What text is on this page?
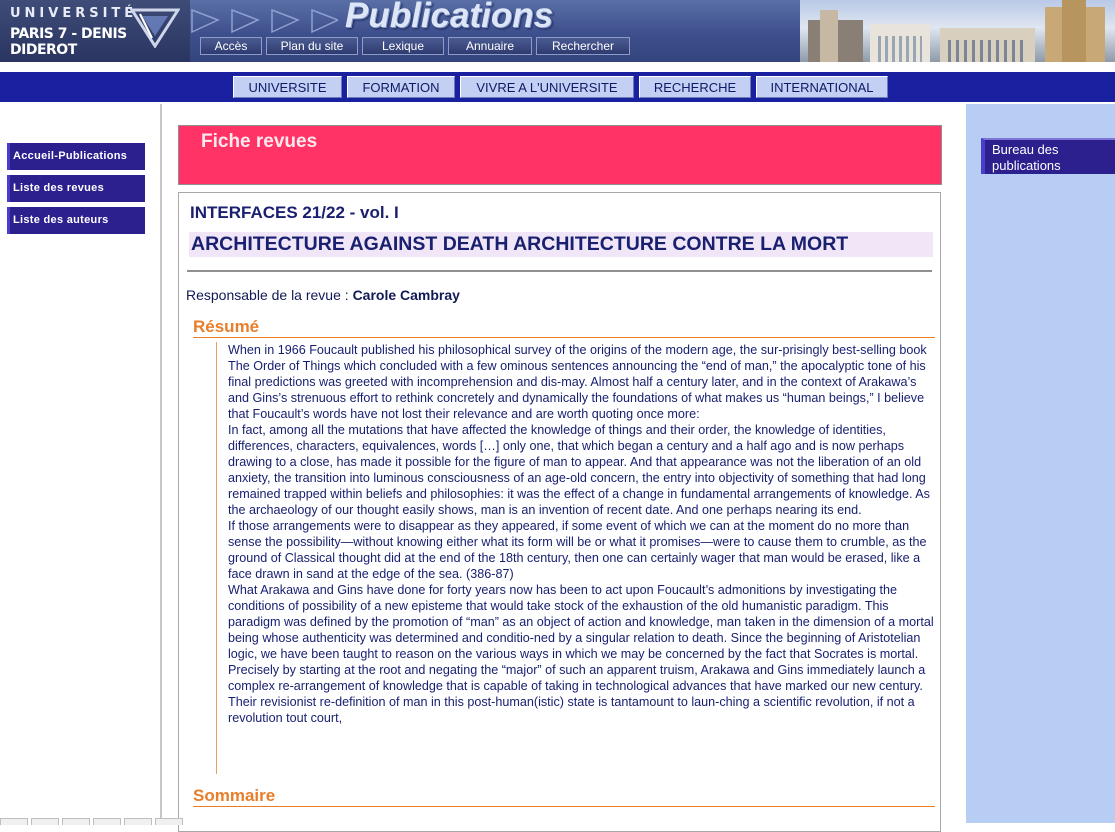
UNIVERSITÉ
PARIS 7 - DENIS DIDEROT
Publications
Accès	Plan du site	Lexique	Annuaire	Rechercher
UNIVERSITE	FORMATION	VIVRE A L'UNIVERSITE	RECHERCHE	INTERNATIONAL
Accueil-Publications
Liste des revues
Liste des auteurs
Bureau des
publications
Fiche revues
INTERFACES 21/22 - vol. I
ARCHITECTURE AGAINST DEATH ARCHITECTURE CONTRE LA MORT
Responsable de la revue : Carole Cambray
Résumé

When in 1966 Foucault published his philosophical survey of the origins of the modern age, the sur-prisingly best-selling book The Order of Things which concluded with a few ominous sentences announcing the “end of man,” the apocalyptic tone of his final predictions was greeted with incomprehension and dis-may. Almost half a century later, and in the context of Arakawa’s and Gins’s strenuous effort to rethink concretely and dynamically the foundations of what makes us “human beings,” I believe that Foucault’s words have not lost their relevance and are worth quoting once more:

In fact, among all the mutations that have affected the knowledge of things and their order, the knowledge of identities, differences, characters, equivalences, words […] only one, that which began a century and a half ago and is now perhaps drawing to a close, has made it possible for the figure of man to appear. And that appearance was not the liberation of an old anxiety, the transition into luminous consciousness of an age-old concern, the entry into objectivity of something that had long remained trapped within beliefs and philosophies: it was the effect of a change in fundamental arrangements of knowledge. As the archaeology of our thought easily shows, man is an invention of recent date. And one perhaps nearing its end.

If those arrangements were to disappear as they appeared, if some event of which we can at the moment do no more than sense the possibility—without knowing either what its form will be or what it promises—were to cause them to crumble, as the ground of Classical thought did at the end of the 18th century, then one can certainly wager that man would be erased, like a face drawn in sand at the edge of the sea. (386-87)

What Arakawa and Gins have done for forty years now has been to act upon Foucault’s admonitions by investigating the conditions of possibility of a new episteme that would take stock of the exhaustion of the old humanistic paradigm. This paradigm was defined by the promotion of “man” as an object of action and knowledge, man taken in the dimension of a mortal being whose authenticity was determined and conditio-ned by a singular relation to death. Since the beginning of Aristotelian logic, we have been taught to reason on the various ways in which we may be concerned by the fact that Socrates is mortal. Precisely by starting at the root and negating the “major” of such an apparent truism, Arakawa and Gins immediately launch a complex re-arrangement of knowledge that is capable of taking in technological advances that have marked our new century. Their revisionist re-definition of man in this post-human(istic) state is tantamount to laun-ching a scientific revolution, if not a revolution tout court,

Sommaire
